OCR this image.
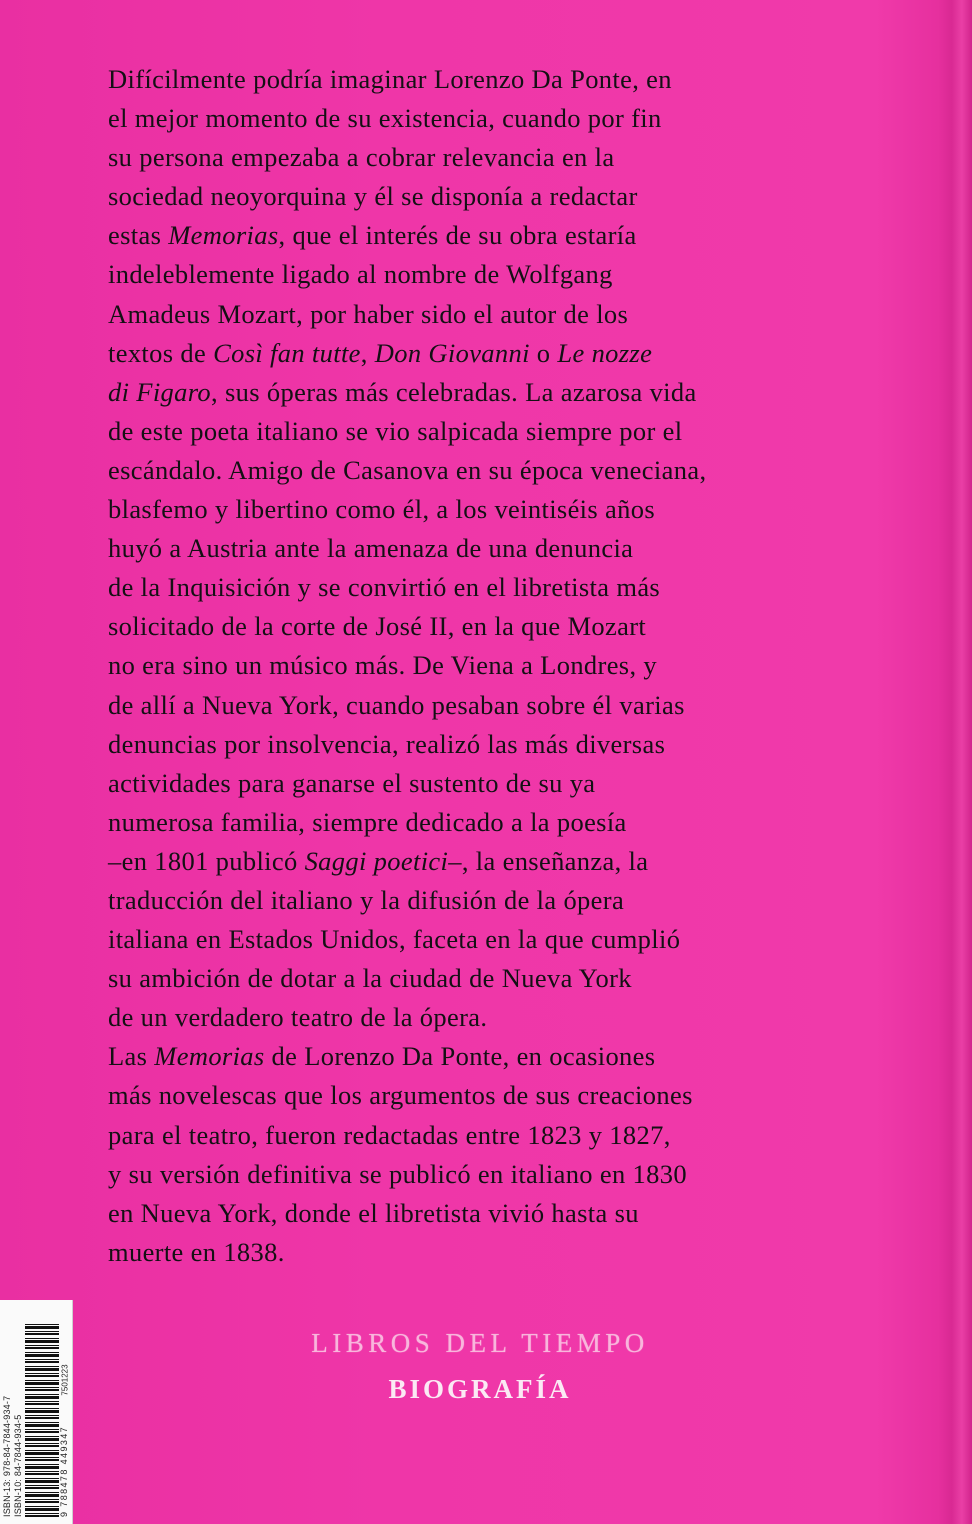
Difícilmente podría imaginar Lorenzo Da Ponte, en
el mejor momento de su existencia, cuando por fin
su persona empezaba a cobrar relevancia en la
sociedad neoyorquina y él se disponía a redactar
estas Memorias, que el interés de su obra estaría
indeleblemente ligado al nombre de Wolfgang
Amadeus Mozart, por haber sido el autor de los
textos de Così fan tutte, Don Giovanni o Le nozze
di Figaro, sus óperas más celebradas. La azarosa vida
de este poeta italiano se vio salpicada siempre por el
escándalo. Amigo de Casanova en su época veneciana,
blasfemo y libertino como él, a los veintiséis años
huyó a Austria ante la amenaza de una denuncia
de la Inquisición y se convirtió en el libretista más
solicitado de la corte de José II, en la que Mozart
no era sino un músico más. De Viena a Londres, y
de allí a Nueva York, cuando pesaban sobre él varias
denuncias por insolvencia, realizó las más diversas
actividades para ganarse el sustento de su ya
numerosa familia, siempre dedicado a la poesía
–en 1801 publicó Saggi poetici–, la enseñanza, la
traducción del italiano y la difusión de la ópera
italiana en Estados Unidos, faceta en la que cumplió
su ambición de dotar a la ciudad de Nueva York
de un verdadero teatro de la ópera.
Las Memorias de Lorenzo Da Ponte, en ocasiones
más novelescas que los argumentos de sus creaciones
para el teatro, fueron redactadas entre 1823 y 1827,
y su versión definitiva se publicó en italiano en 1830
en Nueva York, donde el libretista vivió hasta su
muerte en 1838.
LIBROS DEL TIEMPO
BIOGRAFÍA
ISBN-13: 978-84-7844-934-7 ISBN-10: 84-7844-934-5	9 788478 449347
7501223
